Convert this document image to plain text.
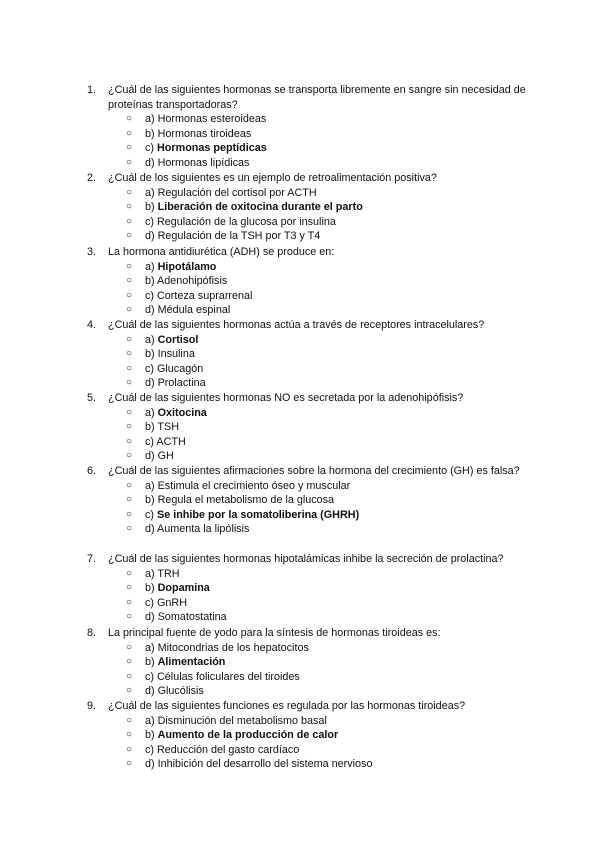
1. ¿Cuál de las siguientes hormonas se transporta libremente en sangre sin necesidad de proteínas transportadoras?
○ a) Hormonas esteroideas
○ b) Hormonas tiroideas
○ c) Hormonas peptídicas
○ d) Hormonas lipídicas
2. ¿Cuál de los siguientes es un ejemplo de retroalimentación positiva?
○ a) Regulación del cortisol por ACTH
○ b) Liberación de oxitocina durante el parto
○ c) Regulación de la glucosa por insulina
○ d) Regulación de la TSH por T3 y T4
3. La hormona antidiurética (ADH) se produce en:
○ a) Hipotálamo
○ b) Adenohipófisis
○ c) Corteza suprarrenal
○ d) Médula espinal
4. ¿Cuál de las siguientes hormonas actúa a través de receptores intracelulares?
○ a) Cortisol
○ b) Insulina
○ c) Glucagón
○ d) Prolactina
5. ¿Cuál de las siguientes hormonas NO es secretada por la adenohipófisis?
○ a) Oxitocina
○ b) TSH
○ c) ACTH
○ d) GH
6. ¿Cuál de las siguientes afirmaciones sobre la hormona del crecimiento (GH) es falsa?
○ a) Estimula el crecimiento óseo y muscular
○ b) Regula el metabolismo de la glucosa
○ c) Se inhibe por la somatoliberina (GHRH)
○ d) Aumenta la lipólisis
7. ¿Cuál de las siguientes hormonas hipotalámicas inhibe la secreción de prolactina?
○ a) TRH
○ b) Dopamina
○ c) GnRH
○ d) Somatostatina
8. La principal fuente de yodo para la síntesis de hormonas tiroideas es:
○ a) Mitocondrias de los hepatocitos
○ b) Alimentación
○ c) Células foliculares del tiroides
○ d) Glucólisis
9. ¿Cuál de las siguientes funciones es regulada por las hormonas tiroideas?
○ a) Disminución del metabolismo basal
○ b) Aumento de la producción de calor
○ c) Reducción del gasto cardíaco
○ d) Inhibición del desarrollo del sistema nervioso
